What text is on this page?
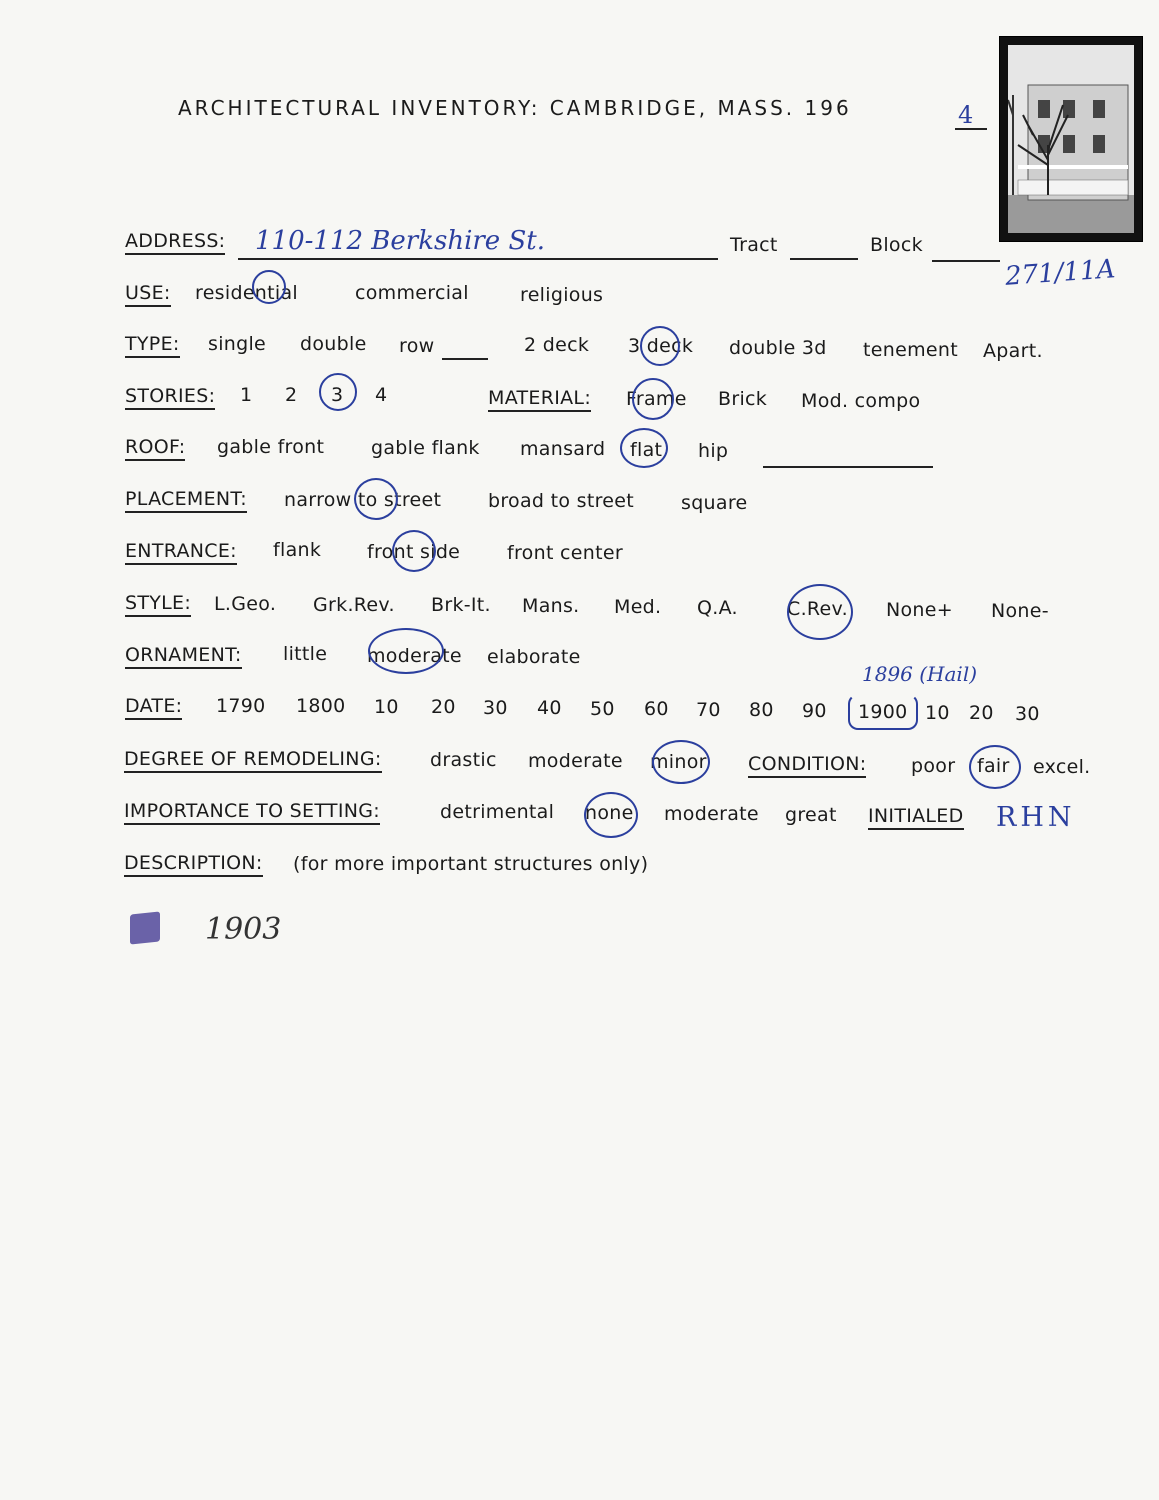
ARCHITECTURAL INVENTORY: CAMBRIDGE, MASS. 196	4
ADDRESS: 110-112 Berkshire St.	Tract	Block
271/11A
USE: residential	commercial	religious
TYPE: single double row	2 deck 3 deck double 3d tenement Apart.
STORIES: 1 2 3 4	MATERIAL: Frame Brick Mod. compo
ROOF: gable front gable flank mansard flat hip
PLACEMENT: narrow to street broad to street square
ENTRANCE: flank front side front center
STYLE: L.Geo. Grk.Rev. Brk-It. Mans. Med. Q.A.	C.Rev. None+ None-
ORNAMENT: little moderate elaborate
1896 (Hail)
DATE: 1790 1800 10 20 30 40 50 60 70 80 90 1900 10 20 30
DEGREE OF REMODELING:	drastic moderate minor CONDITION: poor fair excel.
IMPORTANCE TO SETTING:	detrimental none moderate great INITIALED RHN
DESCRIPTION: (for more important structures only)
1903
